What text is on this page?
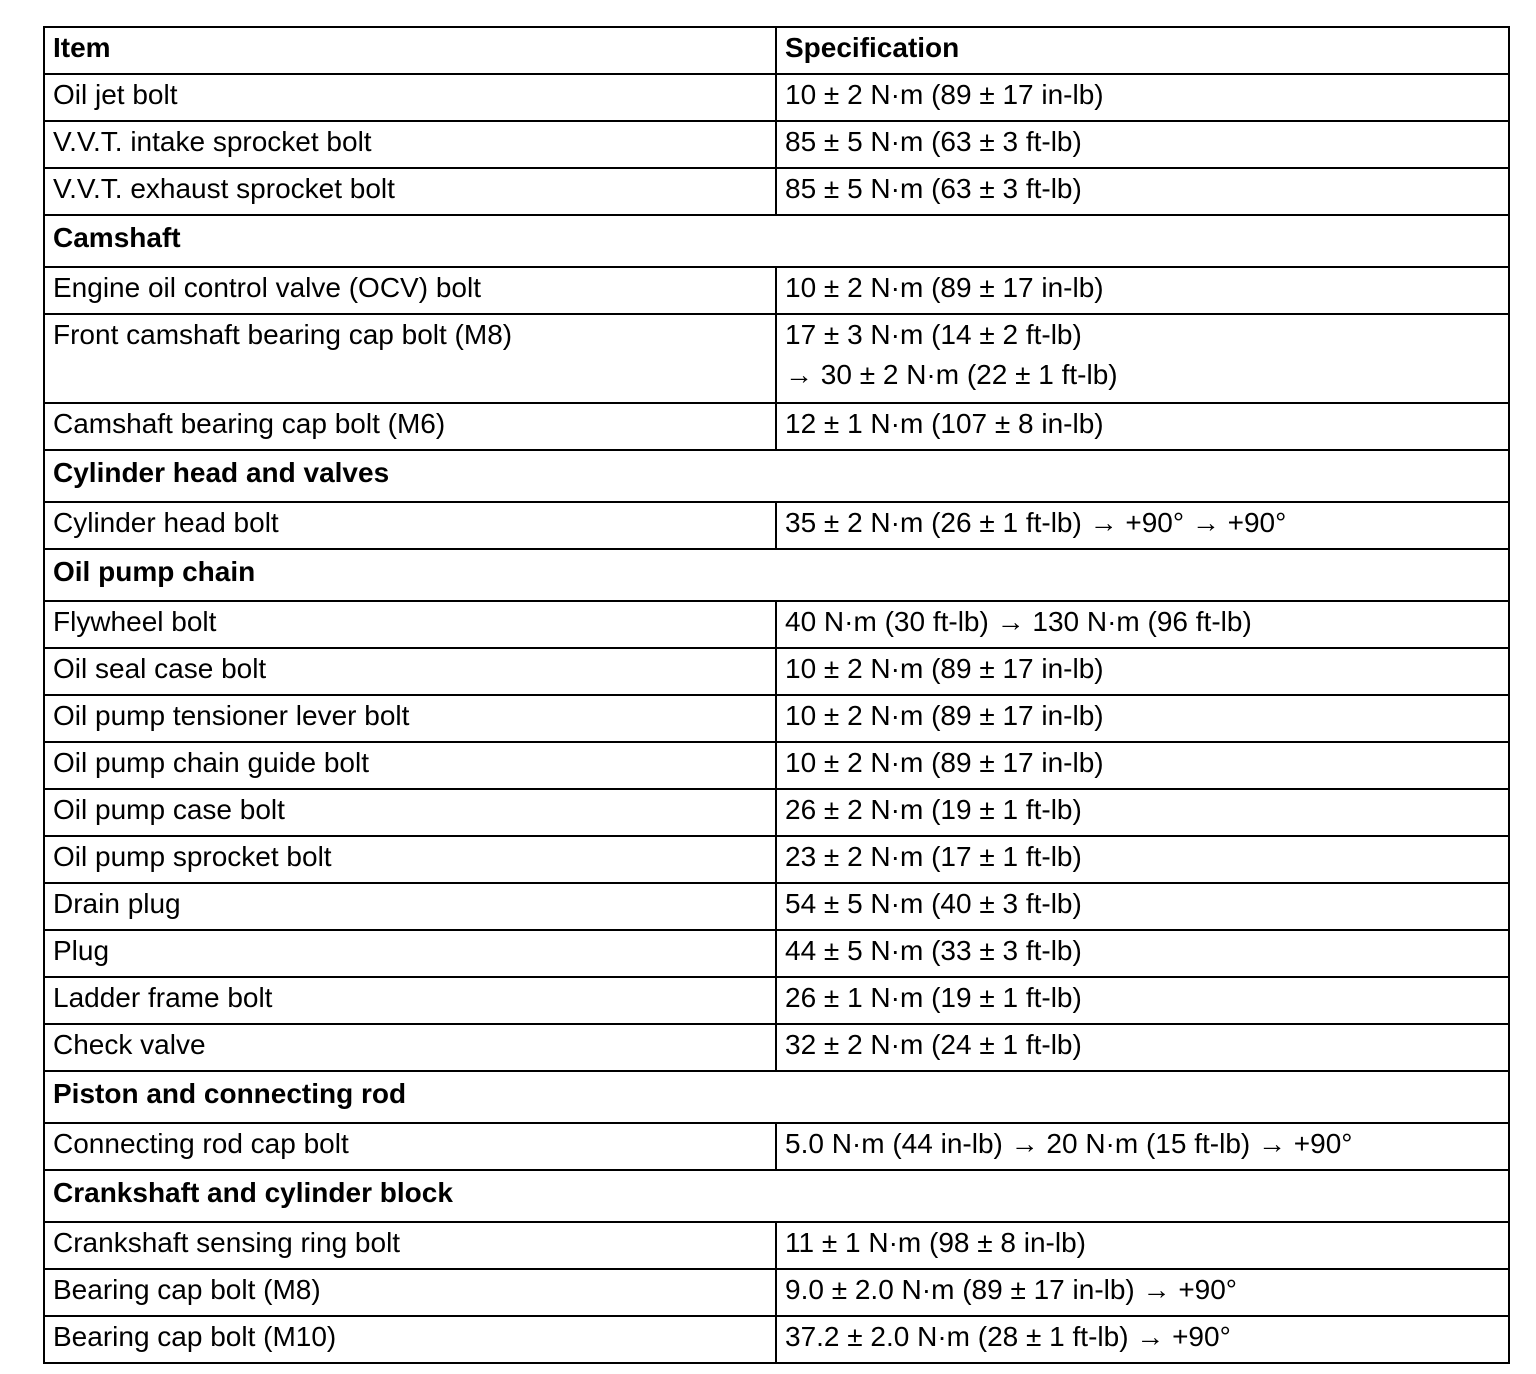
Item	Specification
Oil jet bolt	10 ± 2 N·m (89 ± 17 in-lb)

V.V.T. intake sprocket bolt	85 ± 5 N·m (63 ± 3 ft-lb)

V.V.T. exhaust sprocket bolt	85 ± 5 N·m (63 ± 3 ft-lb)

Camshaft	
Engine oil control valve (OCV) bolt	10 ± 2 N·m (89 ± 17 in-lb)

Front camshaft bearing cap bolt (M8)	17 ± 3 N·m (14 ± 2 ft-lb)
→ 30 ± 2 N·m (22 ± 1 ft-lb)

Camshaft bearing cap bolt (M6)	12 ± 1 N·m (107 ± 8 in-lb)

Cylinder head and valves	
Cylinder head bolt	35 ± 2 N·m (26 ± 1 ft-lb) → +90° → +90°

Oil pump chain	
Flywheel bolt	40 N·m (30 ft-lb) → 130 N·m (96 ft-lb)

Oil seal case bolt	10 ± 2 N·m (89 ± 17 in-lb)

Oil pump tensioner lever bolt	10 ± 2 N·m (89 ± 17 in-lb)

Oil pump chain guide bolt	10 ± 2 N·m (89 ± 17 in-lb)

Oil pump case bolt	26 ± 2 N·m (19 ± 1 ft-lb)

Oil pump sprocket bolt	23 ± 2 N·m (17 ± 1 ft-lb)

Drain plug	54 ± 5 N·m (40 ± 3 ft-lb)

Plug	44 ± 5 N·m (33 ± 3 ft-lb)

Ladder frame bolt	26 ± 1 N·m (19 ± 1 ft-lb)

Check valve	32 ± 2 N·m (24 ± 1 ft-lb)

Piston and connecting rod	
Connecting rod cap bolt	5.0 N·m (44 in-lb) → 20 N·m (15 ft-lb) → +90°

Crankshaft and cylinder block	
Crankshaft sensing ring bolt	11 ± 1 N·m (98 ± 8 in-lb)

Bearing cap bolt (M8)	9.0 ± 2.0 N·m (89 ± 17 in-lb) → +90°

Bearing cap bolt (M10)	37.2 ± 2.0 N·m (28 ± 1 ft-lb) → +90°
